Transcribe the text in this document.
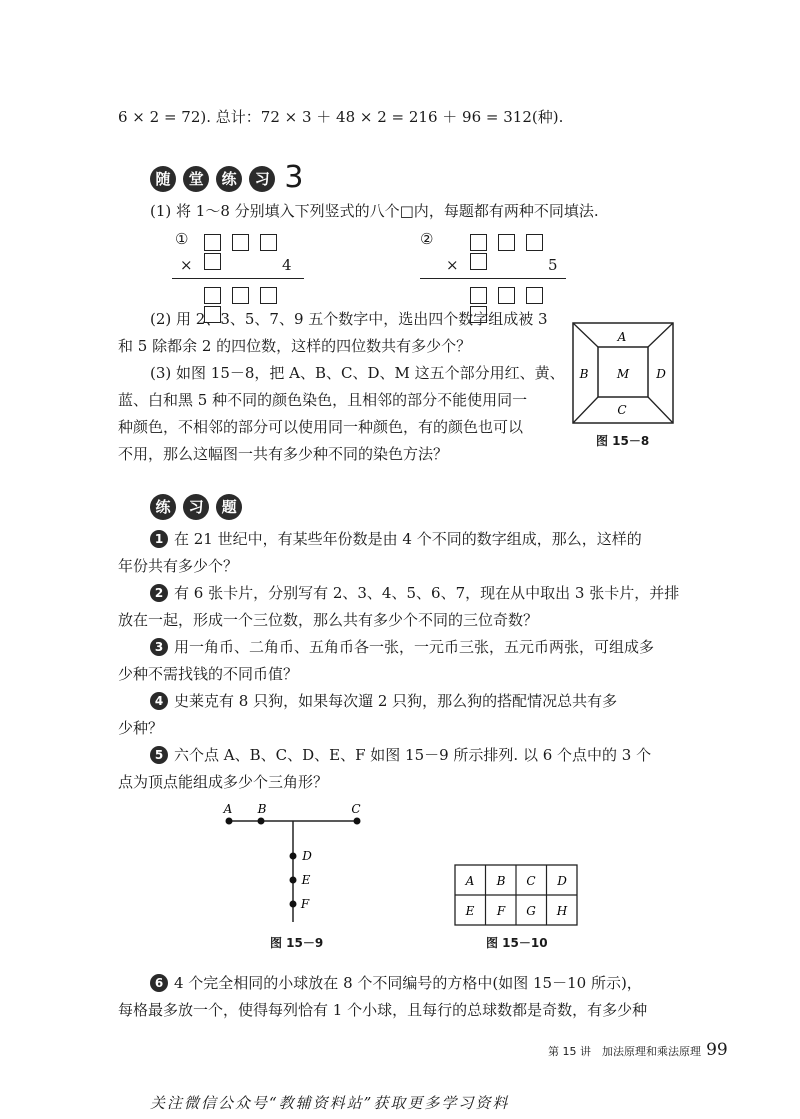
6 × 2 = 72). 总计：72 × 3 ＋ 48 × 2 = 216 ＋ 96 = 312(种).
随 堂 练 习 3
(1) 将 1～8 分别填入下列竖式的八个□内，每题都有两种不同填法.
①
×	4
②
×	5
(2) 用 2、3、5、7、9 五个数字中，选出四个数字组成被 3
和 5 除都余 2 的四位数，这样的四位数共有多少个？
(3) 如图 15－8，把 A、B、C、D、M 这五个部分用红、黄、
蓝、白和黑 5 种不同的颜色染色，且相邻的部分不能使用同一
种颜色，不相邻的部分可以使用同一种颜色，有的颜色也可以
不用，那么这幅图一共有多少种不同的染色方法？
A
B M D
C
图 15－8
练 习 题
1 在 21 世纪中，有某些年份数是由 4 个不同的数字组成，那么，这样的
年份共有多少个？
2 有 6 张卡片，分别写有 2、3、4、5、6、7，现在从中取出 3 张卡片，并排
放在一起，形成一个三位数，那么共有多少个不同的三位奇数？
3 用一角币、二角币、五角币各一张，一元币三张，五元币两张，可组成多
少种不需找钱的不同币值？
4 史莱克有 8 只狗，如果每次遛 2 只狗，那么狗的搭配情况总共有多
少种？
5 六个点 A、B、C、D、E、F 如图 15－9 所示排列. 以 6 个点中的 3 个
点为顶点能组成多少个三角形？
A B	C
D
E
F
图 15－9
A B C D
E F G H
图 15－10
6 4 个完全相同的小球放在 8 个不同编号的方格中(如图 15－10 所示)，
每格最多放一个，使得每列恰有 1 个小球，且每行的总球数都是奇数，有多少种
第 15 讲　加法原理和乘法原理 99
关注微信公众号“教辅资料站”获取更多学习资料
